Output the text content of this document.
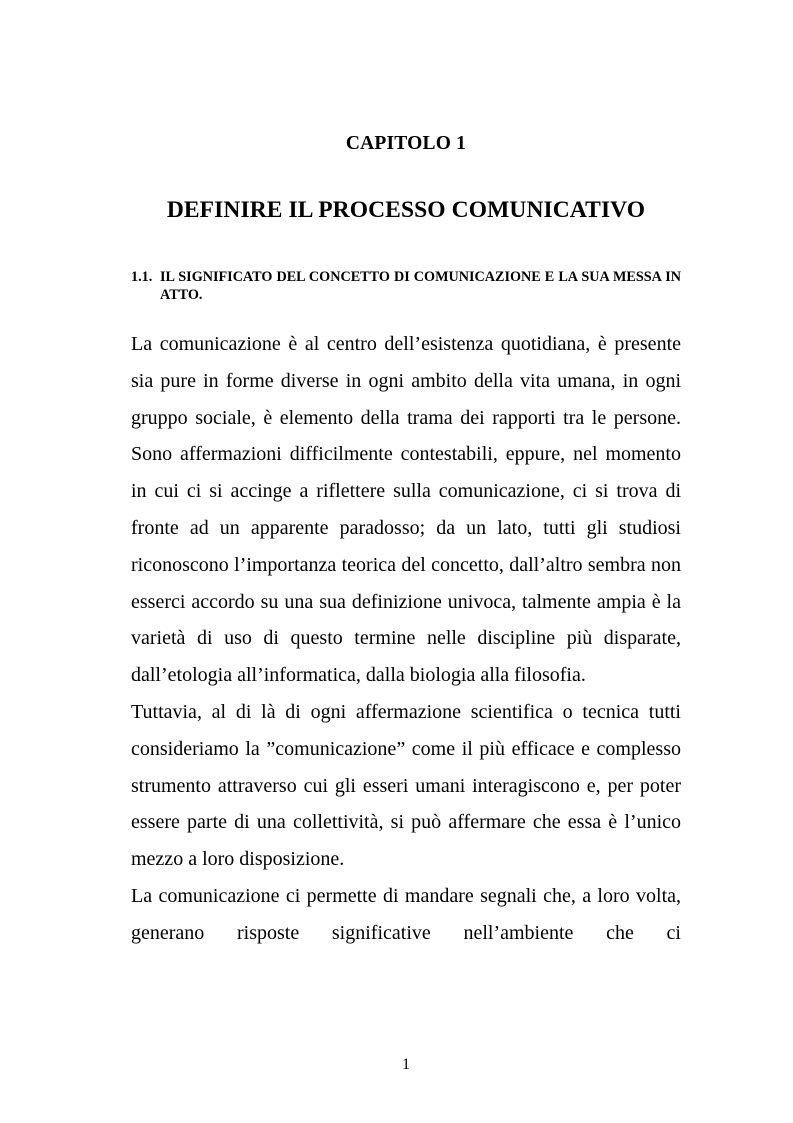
CAPITOLO 1
DEFINIRE IL PROCESSO COMUNICATIVO
1.1. IL SIGNIFICATO DEL CONCETTO DI COMUNICAZIONE E LA SUA MESSA IN ATTO.

La comunicazione è al centro dell’esistenza quotidiana, è presente sia pure in forme diverse in ogni ambito della vita umana, in ogni gruppo sociale, è elemento della trama dei rapporti tra le persone. Sono affermazioni difficilmente contestabili, eppure, nel momento in cui ci si accinge a riflettere sulla comunicazione, ci si trova di fronte ad un apparente paradosso; da un lato, tutti gli studiosi riconoscono l’importanza teorica del concetto, dall’altro sembra non esserci accordo su una sua definizione univoca, talmente ampia è la varietà di uso di questo termine nelle discipline più disparate, dall’etologia all’informatica, dalla biologia alla filosofia.

Tuttavia, al di là di ogni affermazione scientifica o tecnica tutti consideriamo la ”comunicazione” come il più efficace e complesso strumento attraverso cui gli esseri umani interagiscono e, per poter essere parte di una collettività, si può affermare che essa è l’unico mezzo a loro disposizione.

La comunicazione ci permette di mandare segnali che, a loro volta, generano risposte significative nell’ambiente che ci

1
